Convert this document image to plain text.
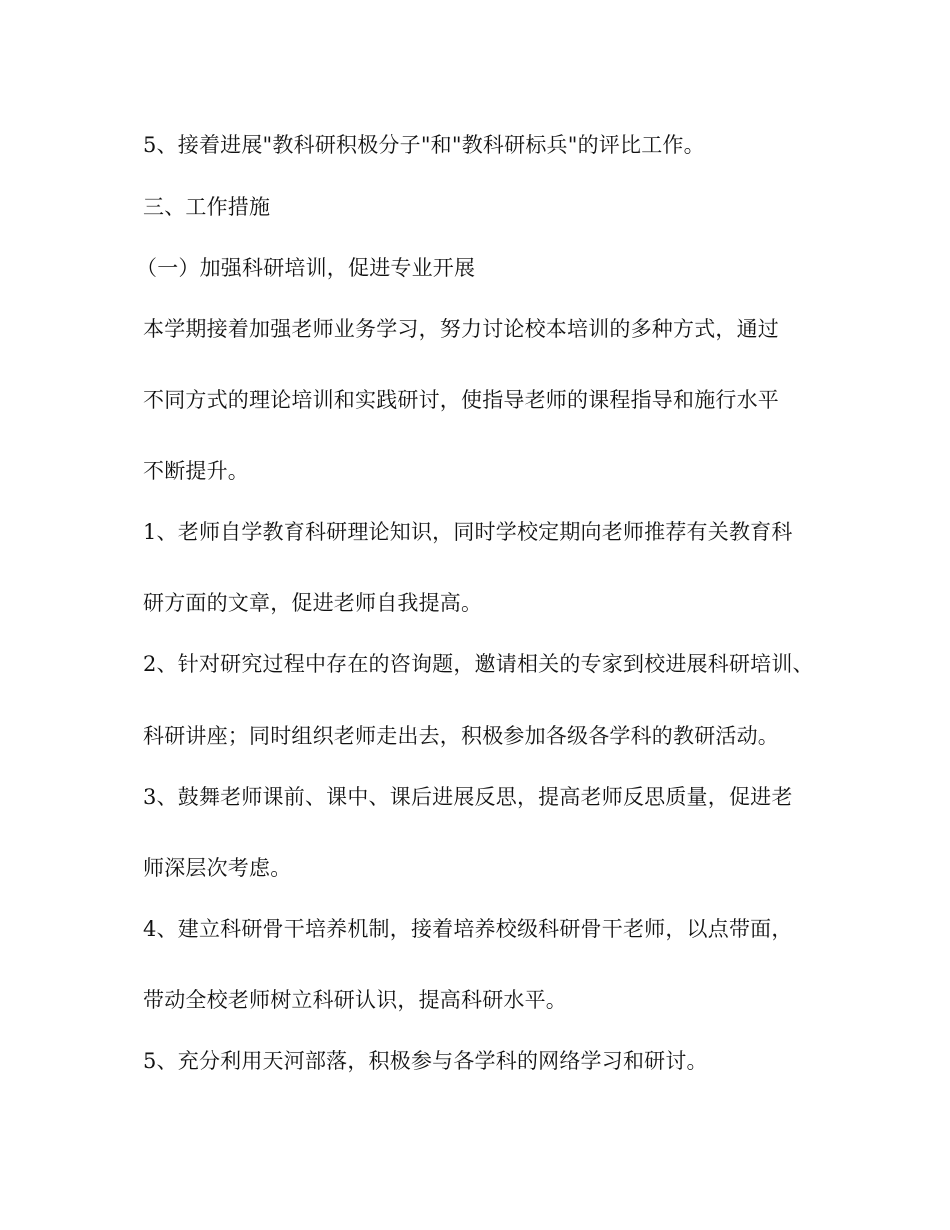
5、接着进展"教科研积极分子"和"教科研标兵"的评比工作。

三、工作措施

（一）加强科研培训，促进专业开展

本学期接着加强老师业务学习，努力讨论校本培训的多种方式，通过

不同方式的理论培训和实践研讨，使指导老师的课程指导和施行水平

不断提升。

1、老师自学教育科研理论知识，同时学校定期向老师推荐有关教育科

研方面的文章，促进老师自我提高。

2、针对研究过程中存在的咨询题，邀请相关的专家到校进展科研培训、

科研讲座；同时组织老师走出去，积极参加各级各学科的教研活动。

3、鼓舞老师课前、课中、课后进展反思，提高老师反思质量，促进老

师深层次考虑。

4、建立科研骨干培养机制，接着培养校级科研骨干老师，以点带面，

带动全校老师树立科研认识，提高科研水平。

5、充分利用天河部落，积极参与各学科的网络学习和研讨。
